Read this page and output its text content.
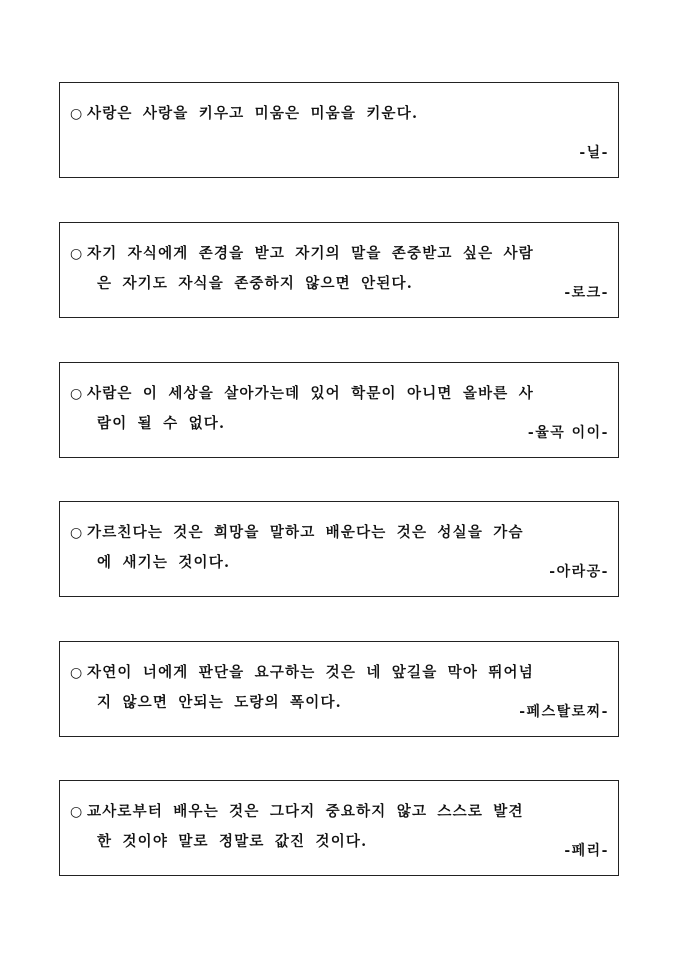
○ 사랑은 사랑을 키우고 미움은 미움을 키운다.
-닐-
○ 자기 자식에게 존경을 받고 자기의 말을 존중받고 싶은 사람
은 자기도 자식을 존중하지 않으면 안된다.
-로크-
○ 사람은 이 세상을 살아가는데 있어 학문이 아니면 올바른 사
람이 될 수 없다.
-율곡 이이-
○ 가르친다는 것은 희망을 말하고 배운다는 것은 성실을 가슴
에 새기는 것이다.
-아라공-
○ 자연이 너에게 판단을 요구하는 것은 네 앞길을 막아 뛰어넘
지 않으면 안되는 도랑의 폭이다.
-페스탈로찌-
○ 교사로부터 배우는 것은 그다지 중요하지 않고 스스로 발견
한 것이야 말로 정말로 값진 것이다.
-페리-
